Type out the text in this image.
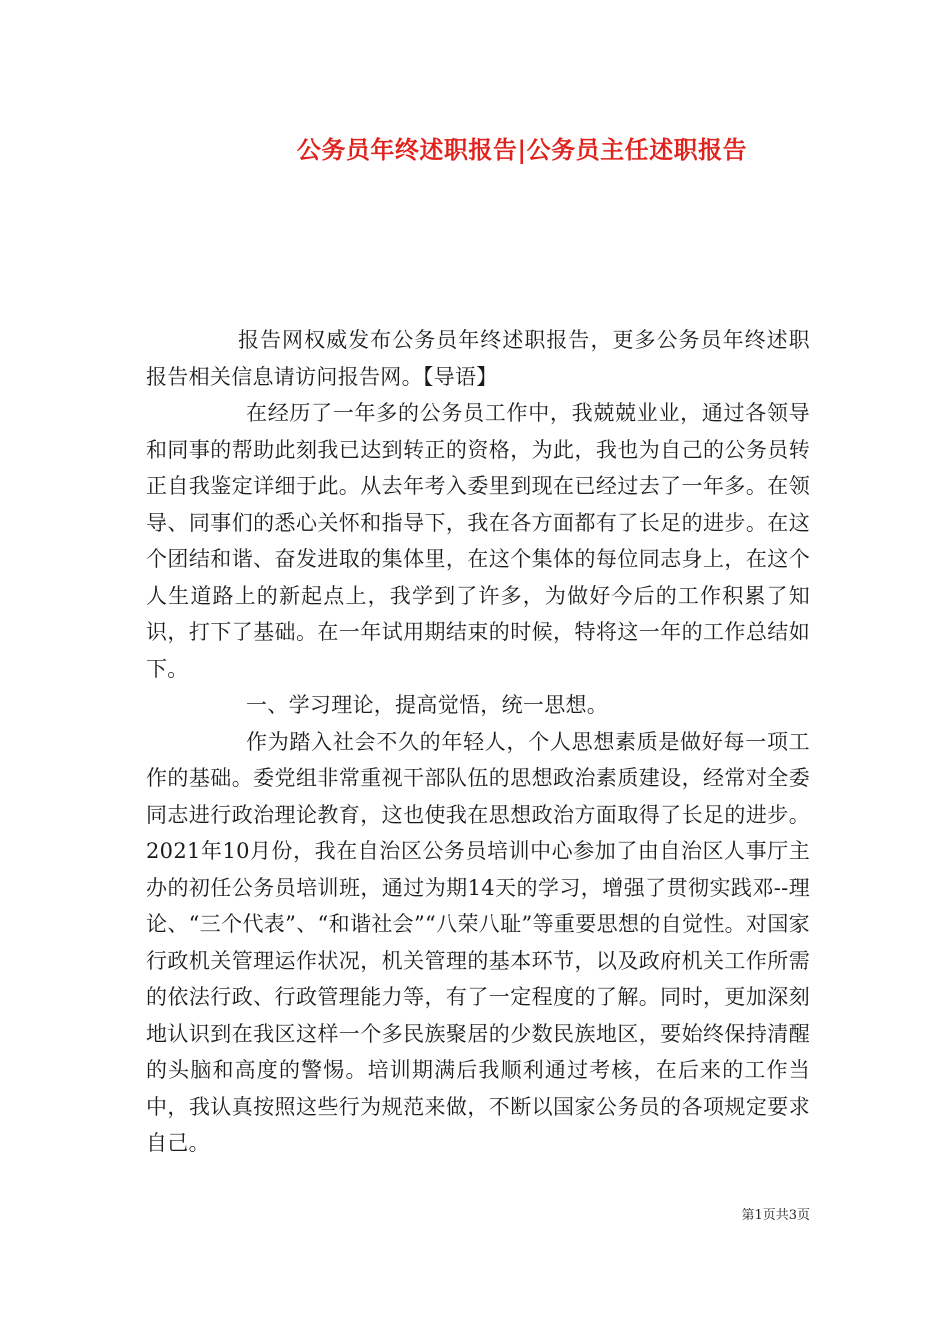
公务员年终述职报告|公务员主任述职报告

报告网权威发布公务员年终述职报告，更多公务员年终述职报告相关信息请访问报告网。【导语】

在经历了一年多的公务员工作中，我兢兢业业，通过各领导和同事的帮助此刻我已达到转正的资格，为此，我也为自己的公务员转正自我鉴定详细于此。从去年考入委里到现在已经过去了一年多。在领导、同事们的悉心关怀和指导下，我在各方面都有了长足的进步。在这个团结和谐、奋发进取的集体里，在这个集体的每位同志身上，在这个人生道路上的新起点上，我学到了许多，为做好今后的工作积累了知识，打下了基础。在一年试用期结束的时候，特将这一年的工作总结如下。

一、学习理论，提高觉悟，统一思想。

作为踏入社会不久的年轻人，个人思想素质是做好每一项工作的基础。委党组非常重视干部队伍的思想政治素质建设，经常对全委同志进行政治理论教育，这也使我在思想政治方面取得了长足的进步。2021年10月份，我在自治区公务员培训中心参加了由自治区人事厅主办的初任公务员培训班，通过为期14天的学习，增强了贯彻实践邓--理论、“三个代表”、“和谐社会”“八荣八耻”等重要思想的自觉性。对国家行政机关管理运作状况，机关管理的基本环节，以及政府机关工作所需的依法行政、行政管理能力等，有了一定程度的了解。同时，更加深刻地认识到在我区这样一个多民族聚居的少数民族地区，要始终保持清醒的头脑和高度的警惕。培训期满后我顺利通过考核，在后来的工作当中，我认真按照这些行为规范来做，不断以国家公务员的各项规定要求自己。

第1页共3页
